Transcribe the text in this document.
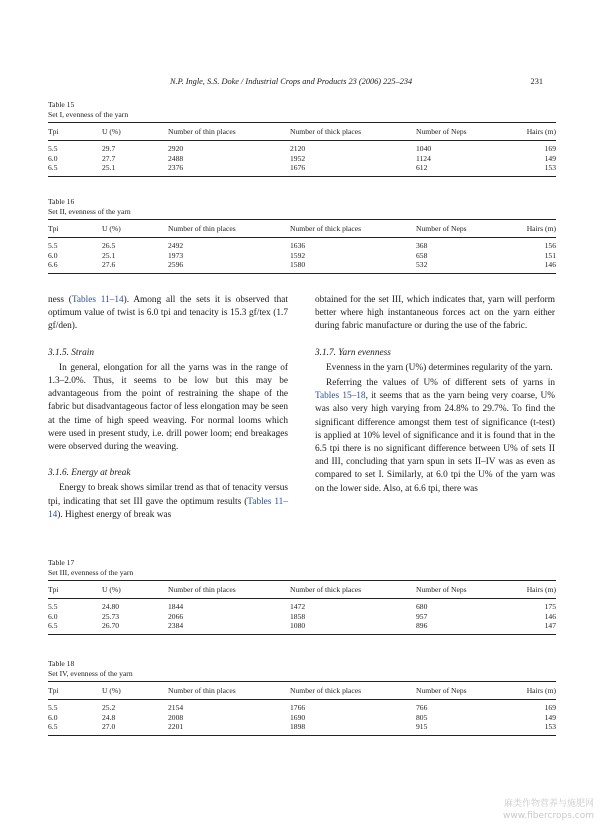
N.P. Ingle, S.S. Doke / Industrial Crops and Products 23 (2006) 225–234	231
Table 15
Set I, evenness of the yarn
Tpi	U (%)	Number of thin places	Number of thick places	Number of Neps	Hairs (m)
5.5	29.7	2920	2120	1040	169
6.0	27.7	2488	1952	1124	149
6.5	25.1	2376	1676	612	153
Table 16
Set II, evenness of the yarn
Tpi	U (%)	Number of thin places	Number of thick places	Number of Neps	Hairs (m)
5.5	26.5	2492	1636	368	156
6.0	25.1	1973	1592	658	151
6.6	27.6	2596	1580	532	146

ness (Tables 11–14). Among all the sets it is observed that optimum value of twist is 6.0 tpi and tenacity is 15.3 gf/tex (1.7 gf/den).

3.1.5. Strain

In general, elongation for all the yarns was in the range of 1.3–2.0%. Thus, it seems to be low but this may be advantageous from the point of restraining the shape of the fabric but disadvantageous factor of less elongation may be seen at the time of high speed weaving. For normal looms which were used in present study, i.e. drill power loom; end breakages were observed during the weaving.

3.1.6. Energy at break

Energy to break shows similar trend as that of tenacity versus tpi, indicating that set III gave the optimum results (Tables 11–14). Highest energy of break was

obtained for the set III, which indicates that, yarn will perform better where high instantaneous forces act on the yarn either during fabric manufacture or during the use of the fabric.

3.1.7. Yarn evenness

Evenness in the yarn (U%) determines regularity of the yarn.

Referring the values of U% of different sets of yarns in Tables 15–18, it seems that as the yarn being very coarse, U% was also very high varying from 24.8% to 29.7%. To find the significant difference amongst them test of significance (t-test) is applied at 10% level of significance and it is found that in the 6.5 tpi there is no significant difference between U% of sets II and III, concluding that yarn spun in sets II–IV was as even as compared to set I. Similarly, at 6.0 tpi the U% of the yarn was on the lower side. Also, at 6.6 tpi, there was

Table 17
Set III, evenness of the yarn
Tpi	U (%)	Number of thin places	Number of thick places	Number of Neps	Hairs (m)
5.5	24.80	1844	1472	680	175
6.0	25.73	2066	1858	957	146
6.5	26.70	2384	1080	896	147
Table 18
Set IV, evenness of the yarn
Tpi	U (%)	Number of thin places	Number of thick places	Number of Neps	Hairs (m)
5.5	25.2	2154	1766	766	169
6.0	24.8	2008	1690	805	149
6.5	27.0	2201	1898	915	153
麻类作物营养与施肥网
www.fibercrops.com
